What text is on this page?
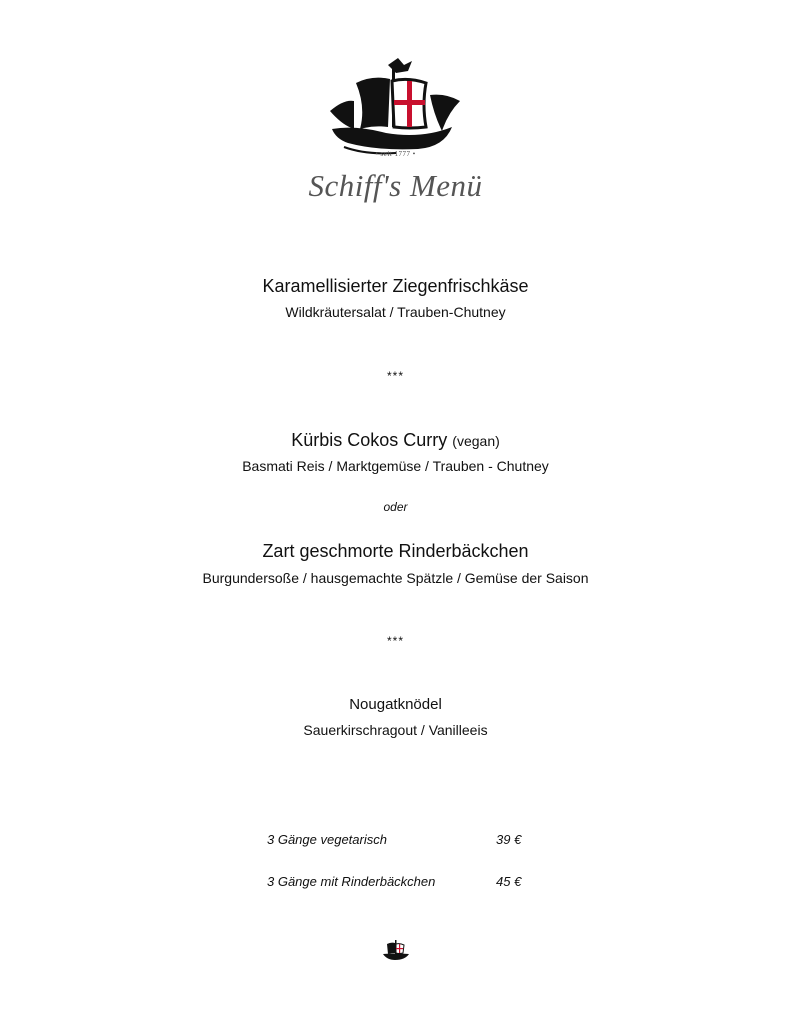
• seit 1777 •
Schiff's Menü
Karamellisierter Ziegenfrischkäse
Wildkräutersalat / Trauben-Chutney
***
Kürbis Cokos Curry (vegan)
Basmati Reis / Marktgemüse / Trauben - Chutney
oder
Zart geschmorte Rinderbäckchen
Burgundersoße / hausgemachte Spätzle / Gemüse der Saison
***
Nougatknödel
Sauerkirschragout / Vanilleeis
3 Gänge vegetarisch	39 €
3 Gänge mit Rinderbäckchen	45 €
